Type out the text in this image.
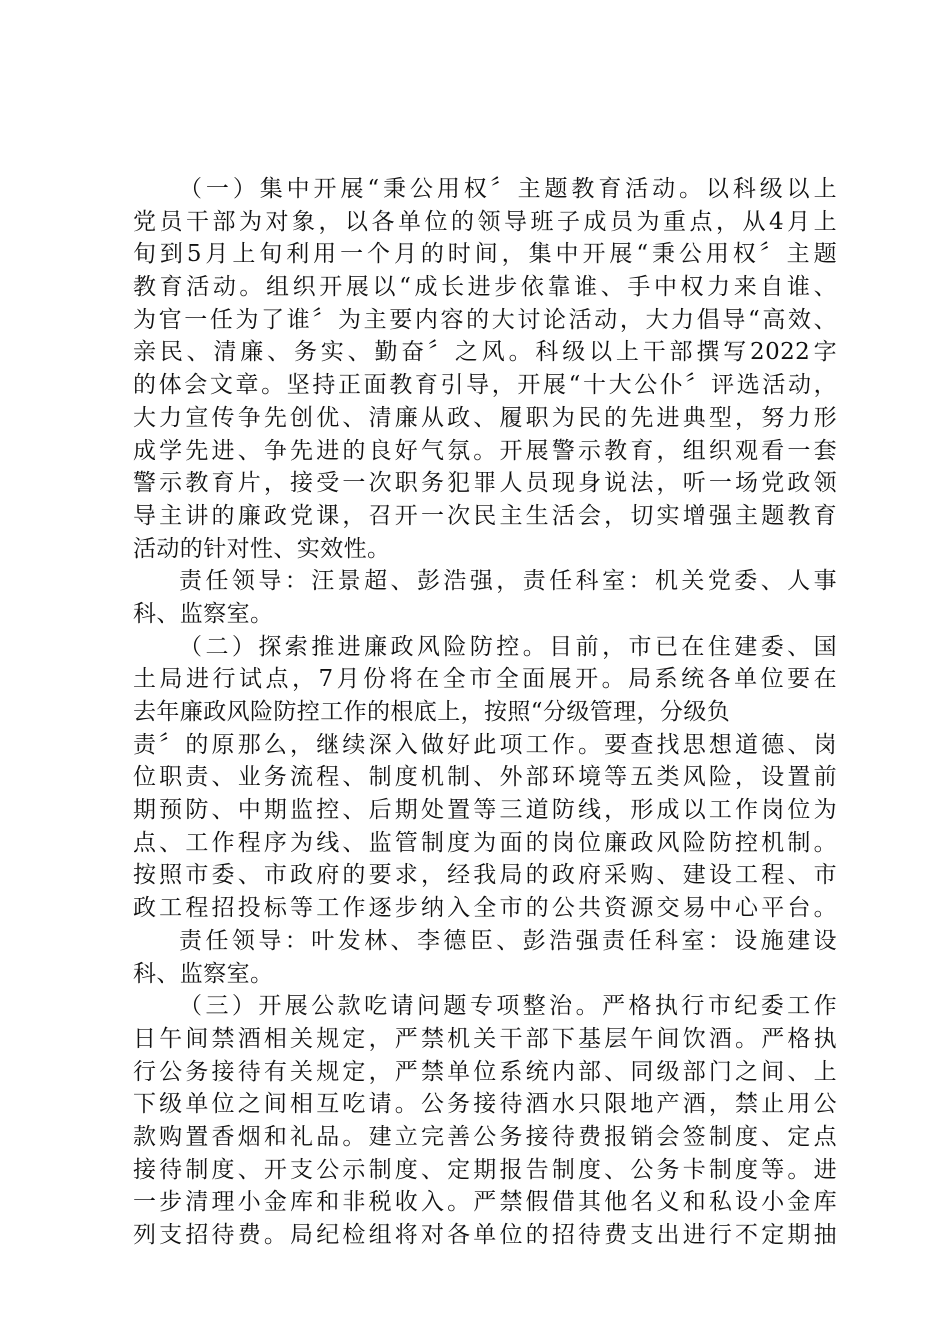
（一）集中开展“秉公用权〞主题教育活动。以科级以上
党员干部为对象，以各单位的领导班子成员为重点，从4月上
旬到5月上旬利用一个月的时间，集中开展“秉公用权〞主题
教育活动。组织开展以“成长进步依靠谁、手中权力来自谁、
为官一任为了谁〞为主要内容的大讨论活动，大力倡导“高效、
亲民、清廉、务实、勤奋〞之风。科级以上干部撰写2022字
的体会文章。坚持正面教育引导，开展“十大公仆〞评选活动，
大力宣传争先创优、清廉从政、履职为民的先进典型，努力形
成学先进、争先进的良好气氛。开展警示教育，组织观看一套
警示教育片，接受一次职务犯罪人员现身说法，听一场党政领
导主讲的廉政党课，召开一次民主生活会，切实增强主题教育
活动的针对性、实效性。
责任领导：汪景超、彭浩强，责任科室：机关党委、人事
科、监察室。
（二）探索推进廉政风险防控。目前，市已在住建委、国
土局进行试点，7月份将在全市全面展开。局系统各单位要在
去年廉政风险防控工作的根底上，按照“分级管理，分级负
责〞的原那么，继续深入做好此项工作。要查找思想道德、岗
位职责、业务流程、制度机制、外部环境等五类风险，设置前
期预防、中期监控、后期处置等三道防线，形成以工作岗位为
点、工作程序为线、监管制度为面的岗位廉政风险防控机制。
按照市委、市政府的要求，经我局的政府采购、建设工程、市
政工程招投标等工作逐步纳入全市的公共资源交易中心平台。
责任领导：叶发林、李德臣、彭浩强责任科室：设施建设
科、监察室。
（三）开展公款吃请问题专项整治。严格执行市纪委工作
日午间禁酒相关规定，严禁机关干部下基层午间饮酒。严格执
行公务接待有关规定，严禁单位系统内部、同级部门之间、上
下级单位之间相互吃请。公务接待酒水只限地产酒，禁止用公
款购置香烟和礼品。建立完善公务接待费报销会签制度、定点
接待制度、开支公示制度、定期报告制度、公务卡制度等。进
一步清理小金库和非税收入。严禁假借其他名义和私设小金库
列支招待费。局纪检组将对各单位的招待费支出进行不定期抽
